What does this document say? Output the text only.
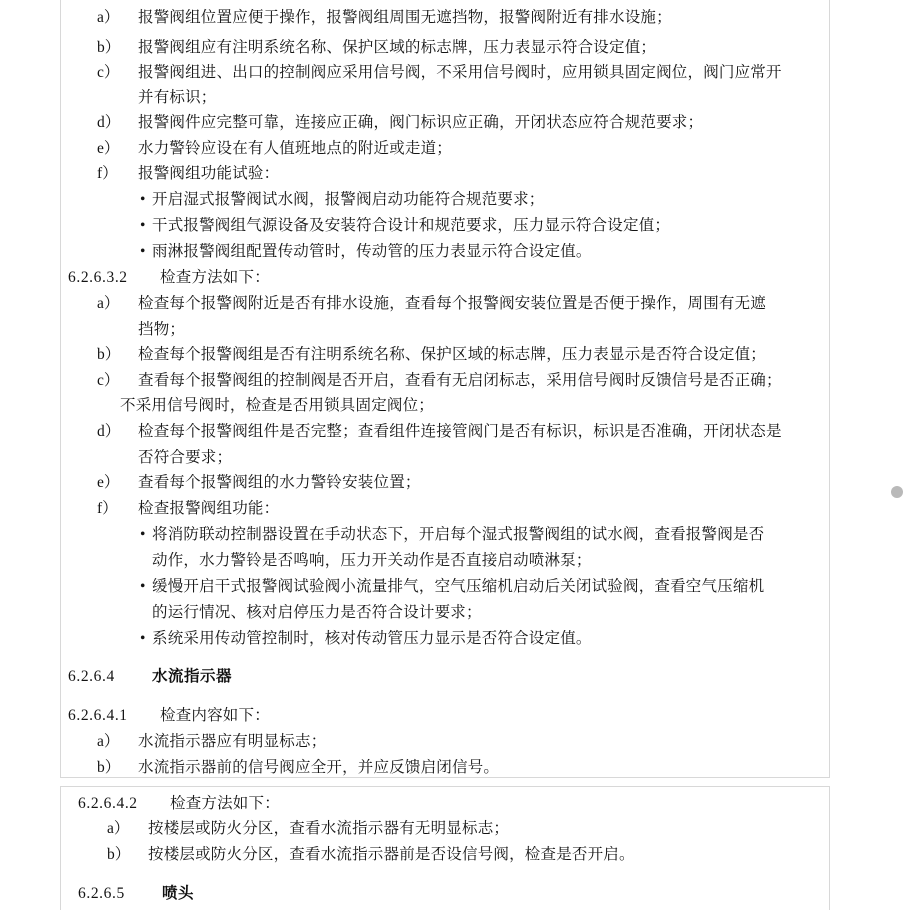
a） 报警阀组位置应便于操作，报警阀组周围无遮挡物，报警阀附近有排水设施；
b） 报警阀组应有注明系统名称、保护区域的标志牌，压力表显示符合设定值；
c） 报警阀组进、出口的控制阀应采用信号阀，不采用信号阀时，应用锁具固定阀位，阀门应常开
并有标识；
d） 报警阀件应完整可靠，连接应正确，阀门标识应正确，开闭状态应符合规范要求；
e） 水力警铃应设在有人值班地点的附近或走道；
f） 报警阀组功能试验：
• 开启湿式报警阀试水阀，报警阀启动功能符合规范要求；
• 干式报警阀组气源设备及安装符合设计和规范要求，压力显示符合设定值；
• 雨淋报警阀组配置传动管时，传动管的压力表显示符合设定值。
6.2.6.3.2 检查方法如下：
a） 检查每个报警阀附近是否有排水设施，查看每个报警阀安装位置是否便于操作，周围有无遮
挡物；
b） 检查每个报警阀组是否有注明系统名称、保护区域的标志牌，压力表显示是否符合设定值；
c） 查看每个报警阀组的控制阀是否开启，查看有无启闭标志，采用信号阀时反馈信号是否正确；
不采用信号阀时，检查是否用锁具固定阀位；
d） 检查每个报警阀组件是否完整；查看组件连接管阀门是否有标识，标识是否准确，开闭状态是
否符合要求；
e） 查看每个报警阀组的水力警铃安装位置；
f） 检查报警阀组功能：
• 将消防联动控制器设置在手动状态下，开启每个湿式报警阀组的试水阀，查看报警阀是否
动作，水力警铃是否鸣响，压力开关动作是否直接启动喷淋泵；
• 缓慢开启干式报警阀试验阀小流量排气，空气压缩机启动后关闭试验阀，查看空气压缩机
的运行情况、核对启停压力是否符合设计要求；
• 系统采用传动管控制时，核对传动管压力显示是否符合设定值。
6.2.6.4 水流指示器
6.2.6.4.1 检查内容如下：
a） 水流指示器应有明显标志；
b） 水流指示器前的信号阀应全开，并应反馈启闭信号。
6.2.6.4.2 检查方法如下：
a） 按楼层或防火分区，查看水流指示器有无明显标志；
b） 按楼层或防火分区，查看水流指示器前是否设信号阀，检查是否开启。
6.2.6.5 喷头
